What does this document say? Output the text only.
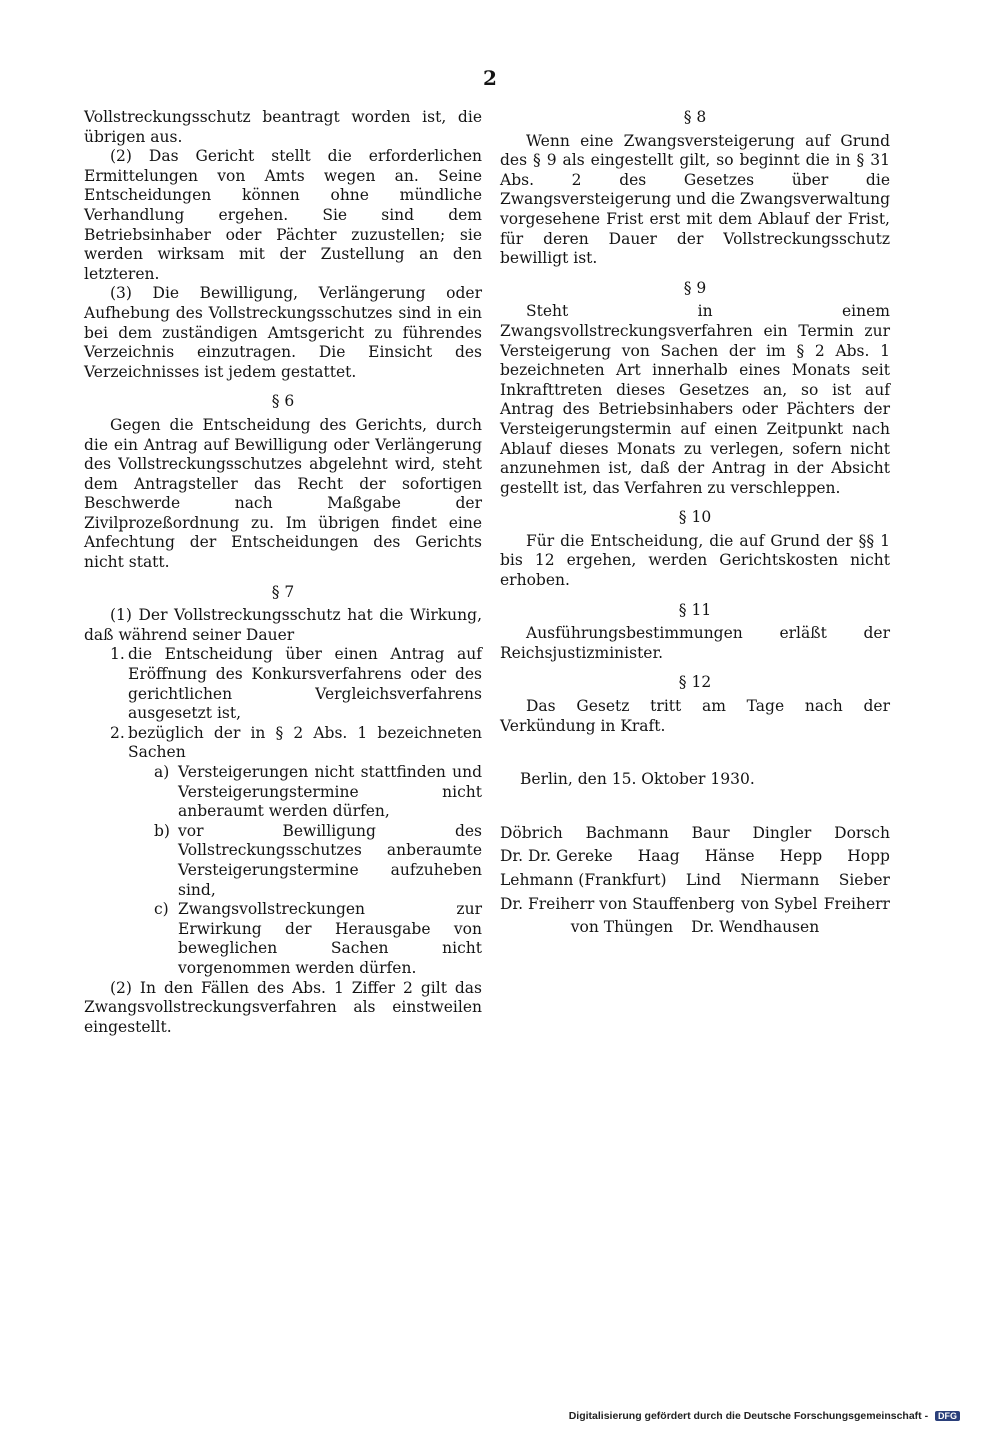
2

Vollstreckungsschutz beantragt worden ist, die übrigen aus.

(2) Das Gericht stellt die erforderlichen Ermittelungen von Amts wegen an. Seine Entscheidungen können ohne mündliche Verhandlung ergehen. Sie sind dem Betriebsinhaber oder Pächter zuzustellen; sie werden wirksam mit der Zustellung an den letzteren.

(3) Die Bewilligung, Verlängerung oder Aufhebung des Vollstreckungsschutzes sind in ein bei dem zuständigen Amtsgericht zu führendes Verzeichnis einzutragen. Die Einsicht des Verzeichnisses ist jedem gestattet.

§ 6

Gegen die Entscheidung des Gerichts, durch die ein Antrag auf Bewilligung oder Verlängerung des Vollstreckungsschutzes abgelehnt wird, steht dem Antragsteller das Recht der sofortigen Beschwerde nach Maßgabe der Zivilprozeßordnung zu. Im übrigen findet eine Anfechtung der Entscheidungen des Gerichts nicht statt.

§ 7

(1) Der Vollstreckungsschutz hat die Wirkung, daß während seiner Dauer

1. die Entscheidung über einen Antrag auf Eröffnung des Konkursverfahrens oder des gerichtlichen Vergleichsverfahrens ausgesetzt ist,
2. bezüglich der in § 2 Abs. 1 bezeichneten Sachen
a) Versteigerungen nicht stattfinden und Versteigerungstermine nicht anberaumt werden dürfen,
b) vor Bewilligung des Vollstreckungsschutzes anberaumte Versteigerungstermine aufzuheben sind,
c) Zwangsvollstreckungen zur Erwirkung der Herausgabe von beweglichen Sachen nicht vorgenommen werden dürfen.

(2) In den Fällen des Abs. 1 Ziffer 2 gilt das Zwangsvollstreckungsverfahren als einstweilen eingestellt.

§ 8

Wenn eine Zwangsversteigerung auf Grund des § 9 als eingestellt gilt, so beginnt die in § 31 Abs. 2 des Gesetzes über die Zwangsversteigerung und die Zwangsverwaltung vorgesehene Frist erst mit dem Ablauf der Frist, für deren Dauer der Vollstreckungsschutz bewilligt ist.

§ 9

Steht in einem Zwangsvollstreckungsverfahren ein Termin zur Versteigerung von Sachen der im § 2 Abs. 1 bezeichneten Art innerhalb eines Monats seit Inkrafttreten dieses Gesetzes an, so ist auf Antrag des Betriebsinhabers oder Pächters der Versteigerungstermin auf einen Zeitpunkt nach Ablauf dieses Monats zu verlegen, sofern nicht anzunehmen ist, daß der Antrag in der Absicht gestellt ist, das Verfahren zu verschleppen.

§ 10

Für die Entscheidung, die auf Grund der §§ 1 bis 12 ergehen, werden Gerichtskosten nicht erhoben.

§ 11

Ausführungsbestimmungen erläßt der Reichsjustizminister.

§ 12

Das Gesetz tritt am Tage nach der Verkündung in Kraft.

Berlin, den 15. Oktober 1930.

Döbrich Bachmann Baur Dingler Dorsch
Dr. Dr. Gereke Haag Hänse Hepp Hopp
Lehmann (Frankfurt) Lind Niermann Sieber
Dr. Freiherr von Stauffenberg von Sybel Freiherr
von Thüngen Dr. Wendhausen
Digitalisierung gefördert durch die Deutsche Forschungsgemeinschaft - DFG
